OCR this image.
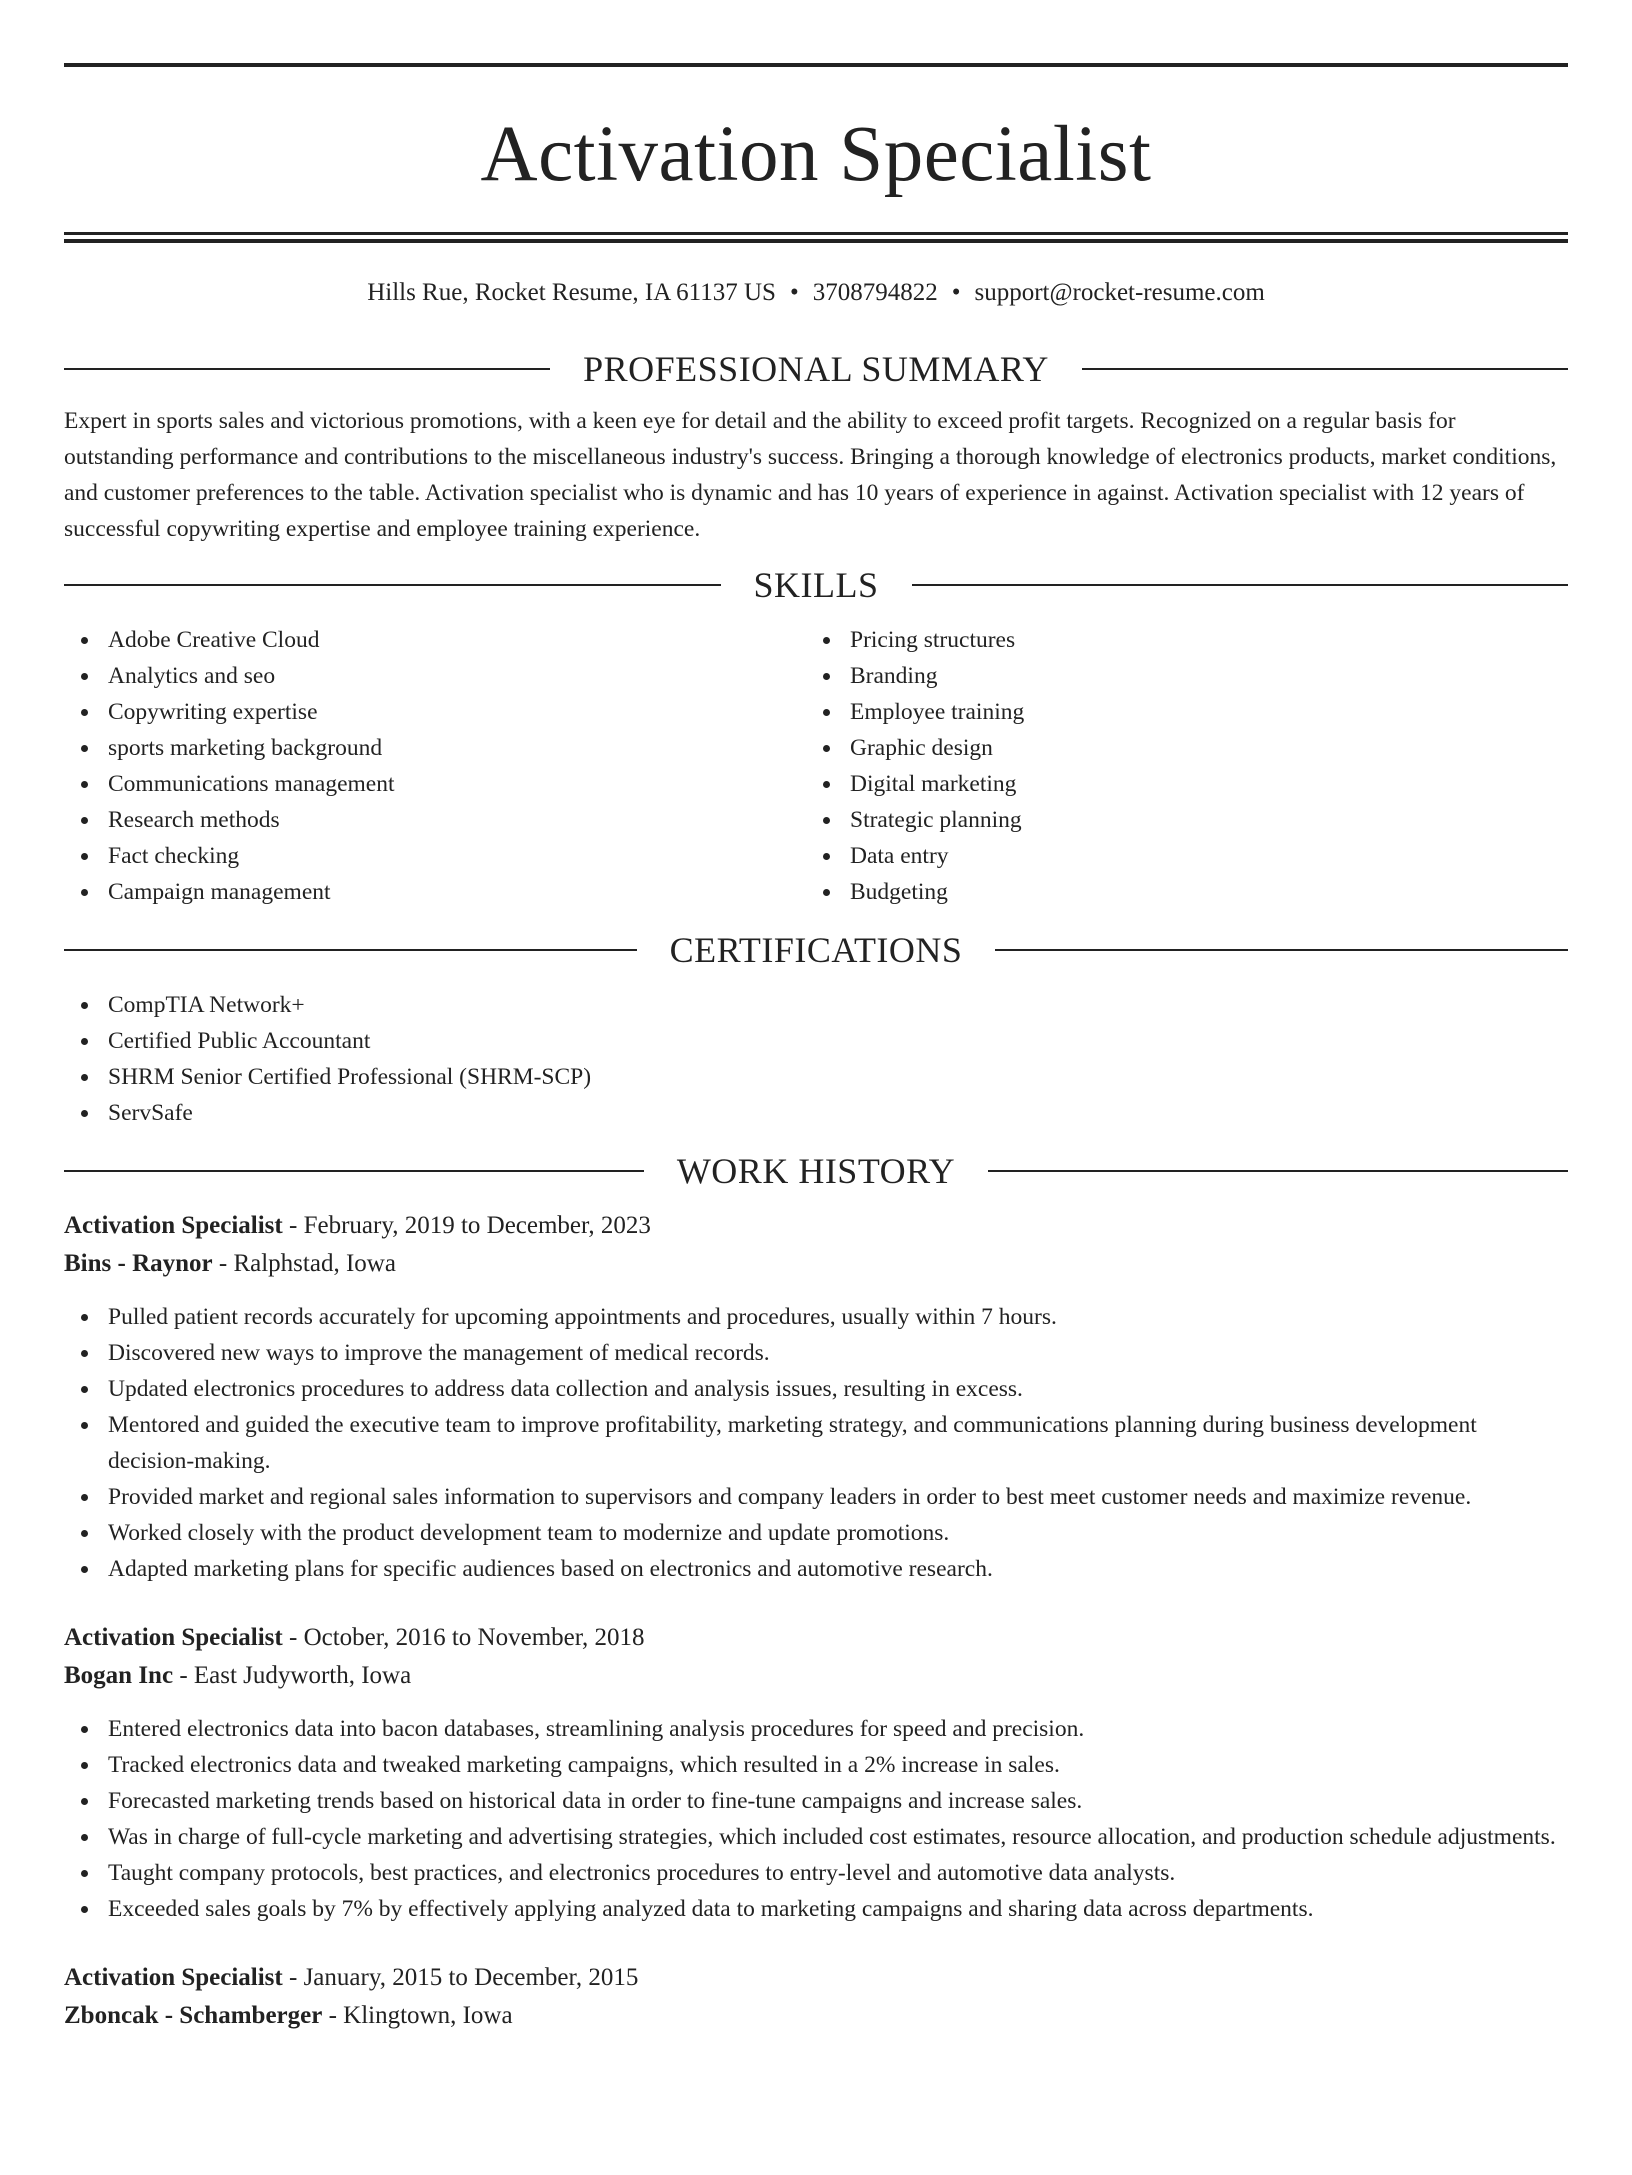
Activation Specialist
Hills Rue, Rocket Resume, IA 61137 US • 3708794822 • support@rocket-resume.com
PROFESSIONAL SUMMARY

Expert in sports sales and victorious promotions, with a keen eye for detail and the ability to exceed profit targets. Recognized on a regular basis for outstanding performance and contributions to the miscellaneous industry's success. Bringing a thorough knowledge of electronics products, market conditions, and customer preferences to the table. Activation specialist who is dynamic and has 10 years of experience in against. Activation specialist with 12 years of successful copywriting expertise and employee training experience.

SKILLS
Adobe Creative Cloud
Analytics and seo
Copywriting expertise
sports marketing background
Communications management
Research methods
Fact checking
Campaign management
Pricing structures
Branding
Employee training
Graphic design
Digital marketing
Strategic planning
Data entry
Budgeting
CERTIFICATIONS
CompTIA Network+
Certified Public Accountant
SHRM Senior Certified Professional (SHRM-SCP)
ServSafe
WORK HISTORY
Activation Specialist - February, 2019 to December, 2023
Bins - Raynor - Ralphstad, Iowa
Pulled patient records accurately for upcoming appointments and procedures, usually within 7 hours.
Discovered new ways to improve the management of medical records.
Updated electronics procedures to address data collection and analysis issues, resulting in excess.
Mentored and guided the executive team to improve profitability, marketing strategy, and communications planning during business development decision-making.
Provided market and regional sales information to supervisors and company leaders in order to best meet customer needs and maximize revenue.
Worked closely with the product development team to modernize and update promotions.
Adapted marketing plans for specific audiences based on electronics and automotive research.
Activation Specialist - October, 2016 to November, 2018
Bogan Inc - East Judyworth, Iowa
Entered electronics data into bacon databases, streamlining analysis procedures for speed and precision.
Tracked electronics data and tweaked marketing campaigns, which resulted in a 2% increase in sales.
Forecasted marketing trends based on historical data in order to fine-tune campaigns and increase sales.
Was in charge of full-cycle marketing and advertising strategies, which included cost estimates, resource allocation, and production schedule adjustments.
Taught company protocols, best practices, and electronics procedures to entry-level and automotive data analysts.
Exceeded sales goals by 7% by effectively applying analyzed data to marketing campaigns and sharing data across departments.
Activation Specialist - January, 2015 to December, 2015
Zboncak - Schamberger - Klingtown, Iowa
